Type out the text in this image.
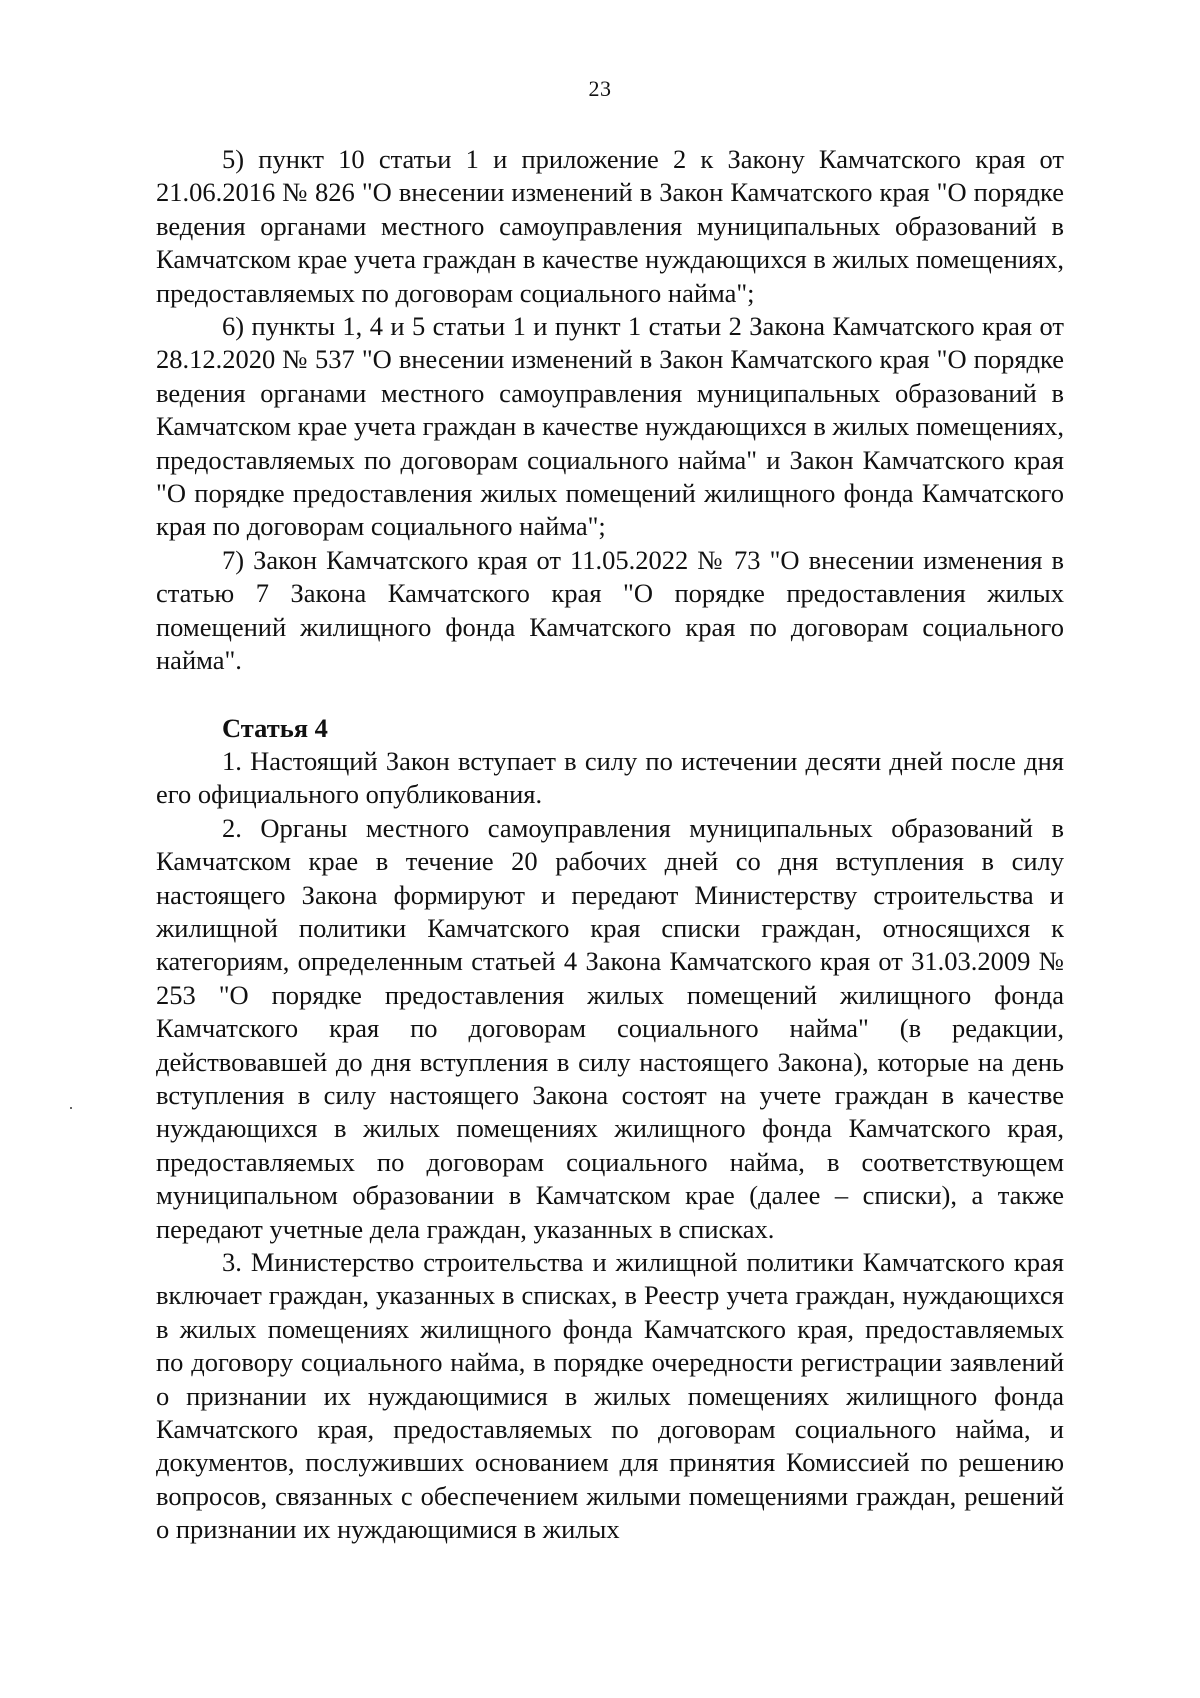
23

5) пункт 10 статьи 1 и приложение 2 к Закону Камчатского края от 21.06.2016 № 826 "О внесении изменений в Закон Камчатского края "О порядке ведения органами местного самоуправления муниципальных образований в Камчатском крае учета граждан в качестве нуждающихся в жилых помещениях, предоставляемых по договорам социального найма";

6) пункты 1, 4 и 5 статьи 1 и пункт 1 статьи 2 Закона Камчатского края от 28.12.2020 № 537 "О внесении изменений в Закон Камчатского края "О порядке ведения органами местного самоуправления муниципальных образований в Камчатском крае учета граждан в качестве нуждающихся в жилых помещениях, предоставляемых по договорам социального найма" и Закон Камчатского края "О порядке предоставления жилых помещений жилищного фонда Камчатского края по договорам социального найма";

7) Закон Камчатского края от 11.05.2022 № 73 "О внесении изменения в статью 7 Закона Камчатского края "О порядке предоставления жилых помещений жилищного фонда Камчатского края по договорам социального найма".

Статья 4

1. Настоящий Закон вступает в силу по истечении десяти дней после дня его официального опубликования.

2. Органы местного самоуправления муниципальных образований в Камчатском крае в течение 20 рабочих дней со дня вступления в силу настоящего Закона формируют и передают Министерству строительства и жилищной политики Камчатского края списки граждан, относящихся к категориям, определенным статьей 4 Закона Камчатского края от 31.03.2009 № 253 "О порядке предоставления жилых помещений жилищного фонда Камчатского края по договорам социального найма" (в редакции, действовавшей до дня вступления в силу настоящего Закона), которые на день вступления в силу настоящего Закона состоят на учете граждан в качестве нуждающихся в жилых помещениях жилищного фонда Камчатского края, предоставляемых по договорам социального найма, в соответствующем муниципальном образовании в Камчатском крае (далее – списки), а также передают учетные дела граждан, указанных в списках.

3. Министерство строительства и жилищной политики Камчатского края включает граждан, указанных в списках, в Реестр учета граждан, нуждающихся в жилых помещениях жилищного фонда Камчатского края, предоставляемых по договору социального найма, в порядке очередности регистрации заявлений о признании их нуждающимися в жилых помещениях жилищного фонда Камчатского края, предоставляемых по договорам социального найма, и документов, послуживших основанием для принятия Комиссией по решению вопросов, связанных с обеспечением жилыми помещениями граждан, решений о признании их нуждающимися в жилых
